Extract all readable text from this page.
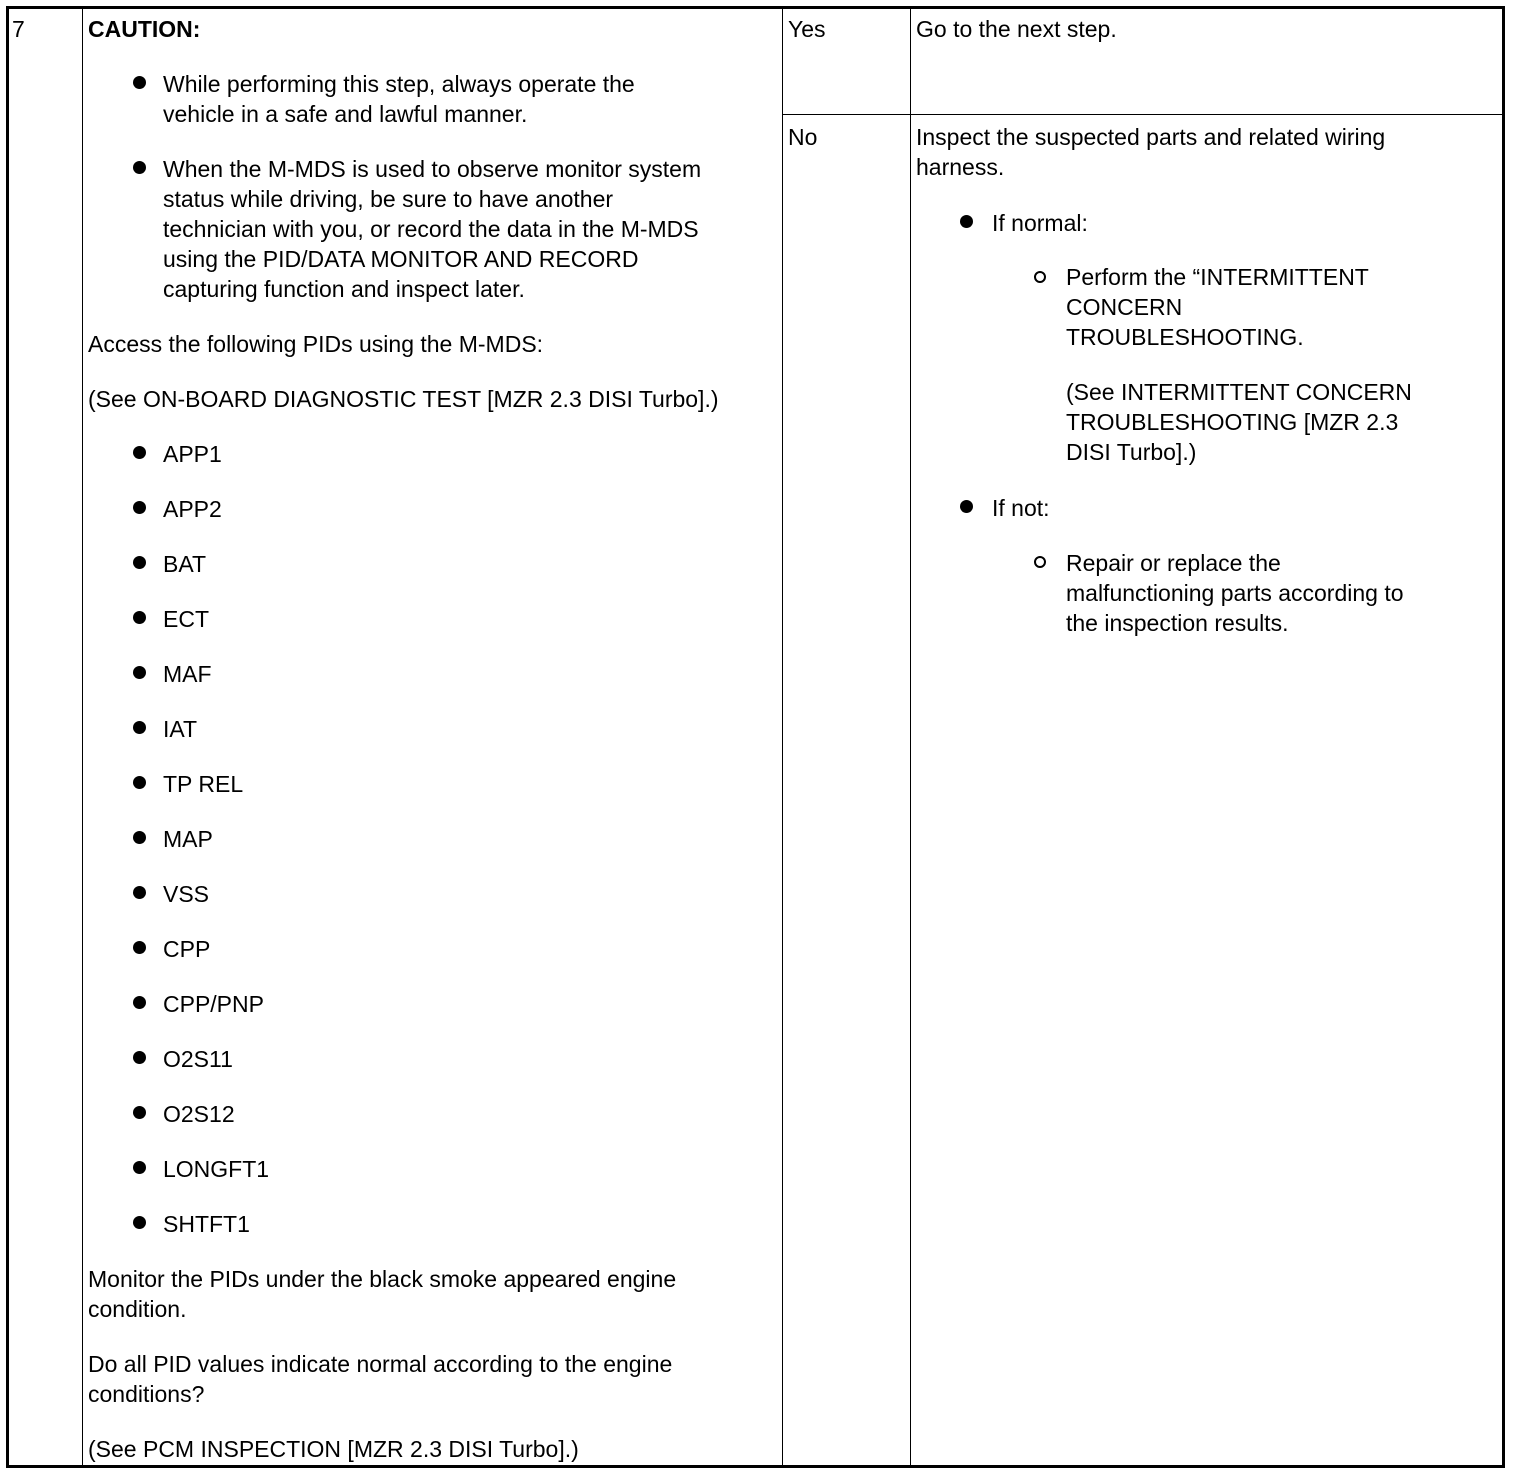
7	CAUTION:
While performing this step, always operate the
vehicle in a safe and lawful manner.
When the M-MDS is used to observe monitor system
status while driving, be sure to have another
technician with you, or record the data in the M-MDS
using the PID/DATA MONITOR AND RECORD
capturing function and inspect later.
Access the following PIDs using the M-MDS:
(See ON-BOARD DIAGNOSTIC TEST [MZR 2.3 DISI Turbo].)
APP1
APP2
BAT
ECT
MAF
IAT
TP REL
MAP
VSS
CPP
CPP/PNP
O2S11
O2S12
LONGFT1
SHTFT1
Monitor the PIDs under the black smoke appeared engine
condition.
Do all PID values indicate normal according to the engine
conditions?
(See PCM INSPECTION [MZR 2.3 DISI Turbo].)
Yes
No
Go to the next step.
Inspect the suspected parts and related wiring
harness.
If normal:
Perform the “INTERMITTENT
CONCERN
TROUBLESHOOTING.
(See INTERMITTENT CONCERN
TROUBLESHOOTING [MZR 2.3
DISI Turbo].)
If not:
Repair or replace the
malfunctioning parts according to
the inspection results.
